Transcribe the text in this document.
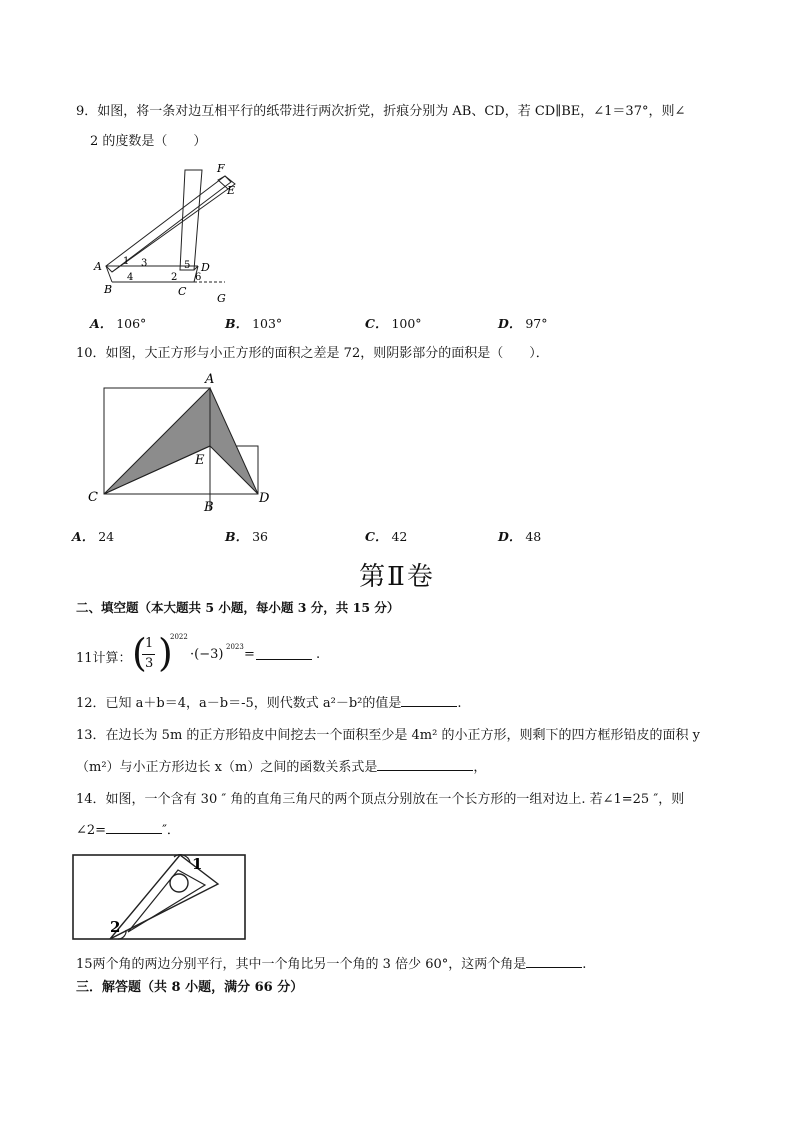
9．如图，将一条对边互相平行的纸带进行两次折党，折痕分别为 AB、CD，若 CD∥BE，∠1＝37°，则∠
2 的度数是（　　）
A
B	C
D
E
F
G
1
2
3
4
5
6
A． 106°	B． 103°	C． 100°	D． 97°
10．如图，大正方形与小正方形的面积之差是 72，则阴影部分的面积是（　　）．
A
C
E
D
B
A． 24	B． 36	C． 42	D． 48
第Ⅱ卷
二、填空题（本大题共 5 小题，每小题 3 分，共 15 分）
11计算： (
1
3 )
2022
·(−3) 2023 =	.
12．已知 a＋b＝4，a－b＝-5，则代数式 a²－b²的值是	.
13．在边长为 5m 的正方形铅皮中间挖去一个面积至少是 4m² 的小正方形，则剩下的四方框形铅皮的面积 y
（m²）与小正方形边长 x（m）之间的函数关系式是	，
14．如图，一个含有 30 ″ 角的直角三角尺的两个顶点分别放在一个长方形的一组对边上. 若∠1=25 ″，则
∠2=	″．
1
2
15两个角的两边分别平行，其中一个角比另一个角的 3 倍少 60°，这两个角是	.
三．解答题（共 8 小题，满分 66 分）
